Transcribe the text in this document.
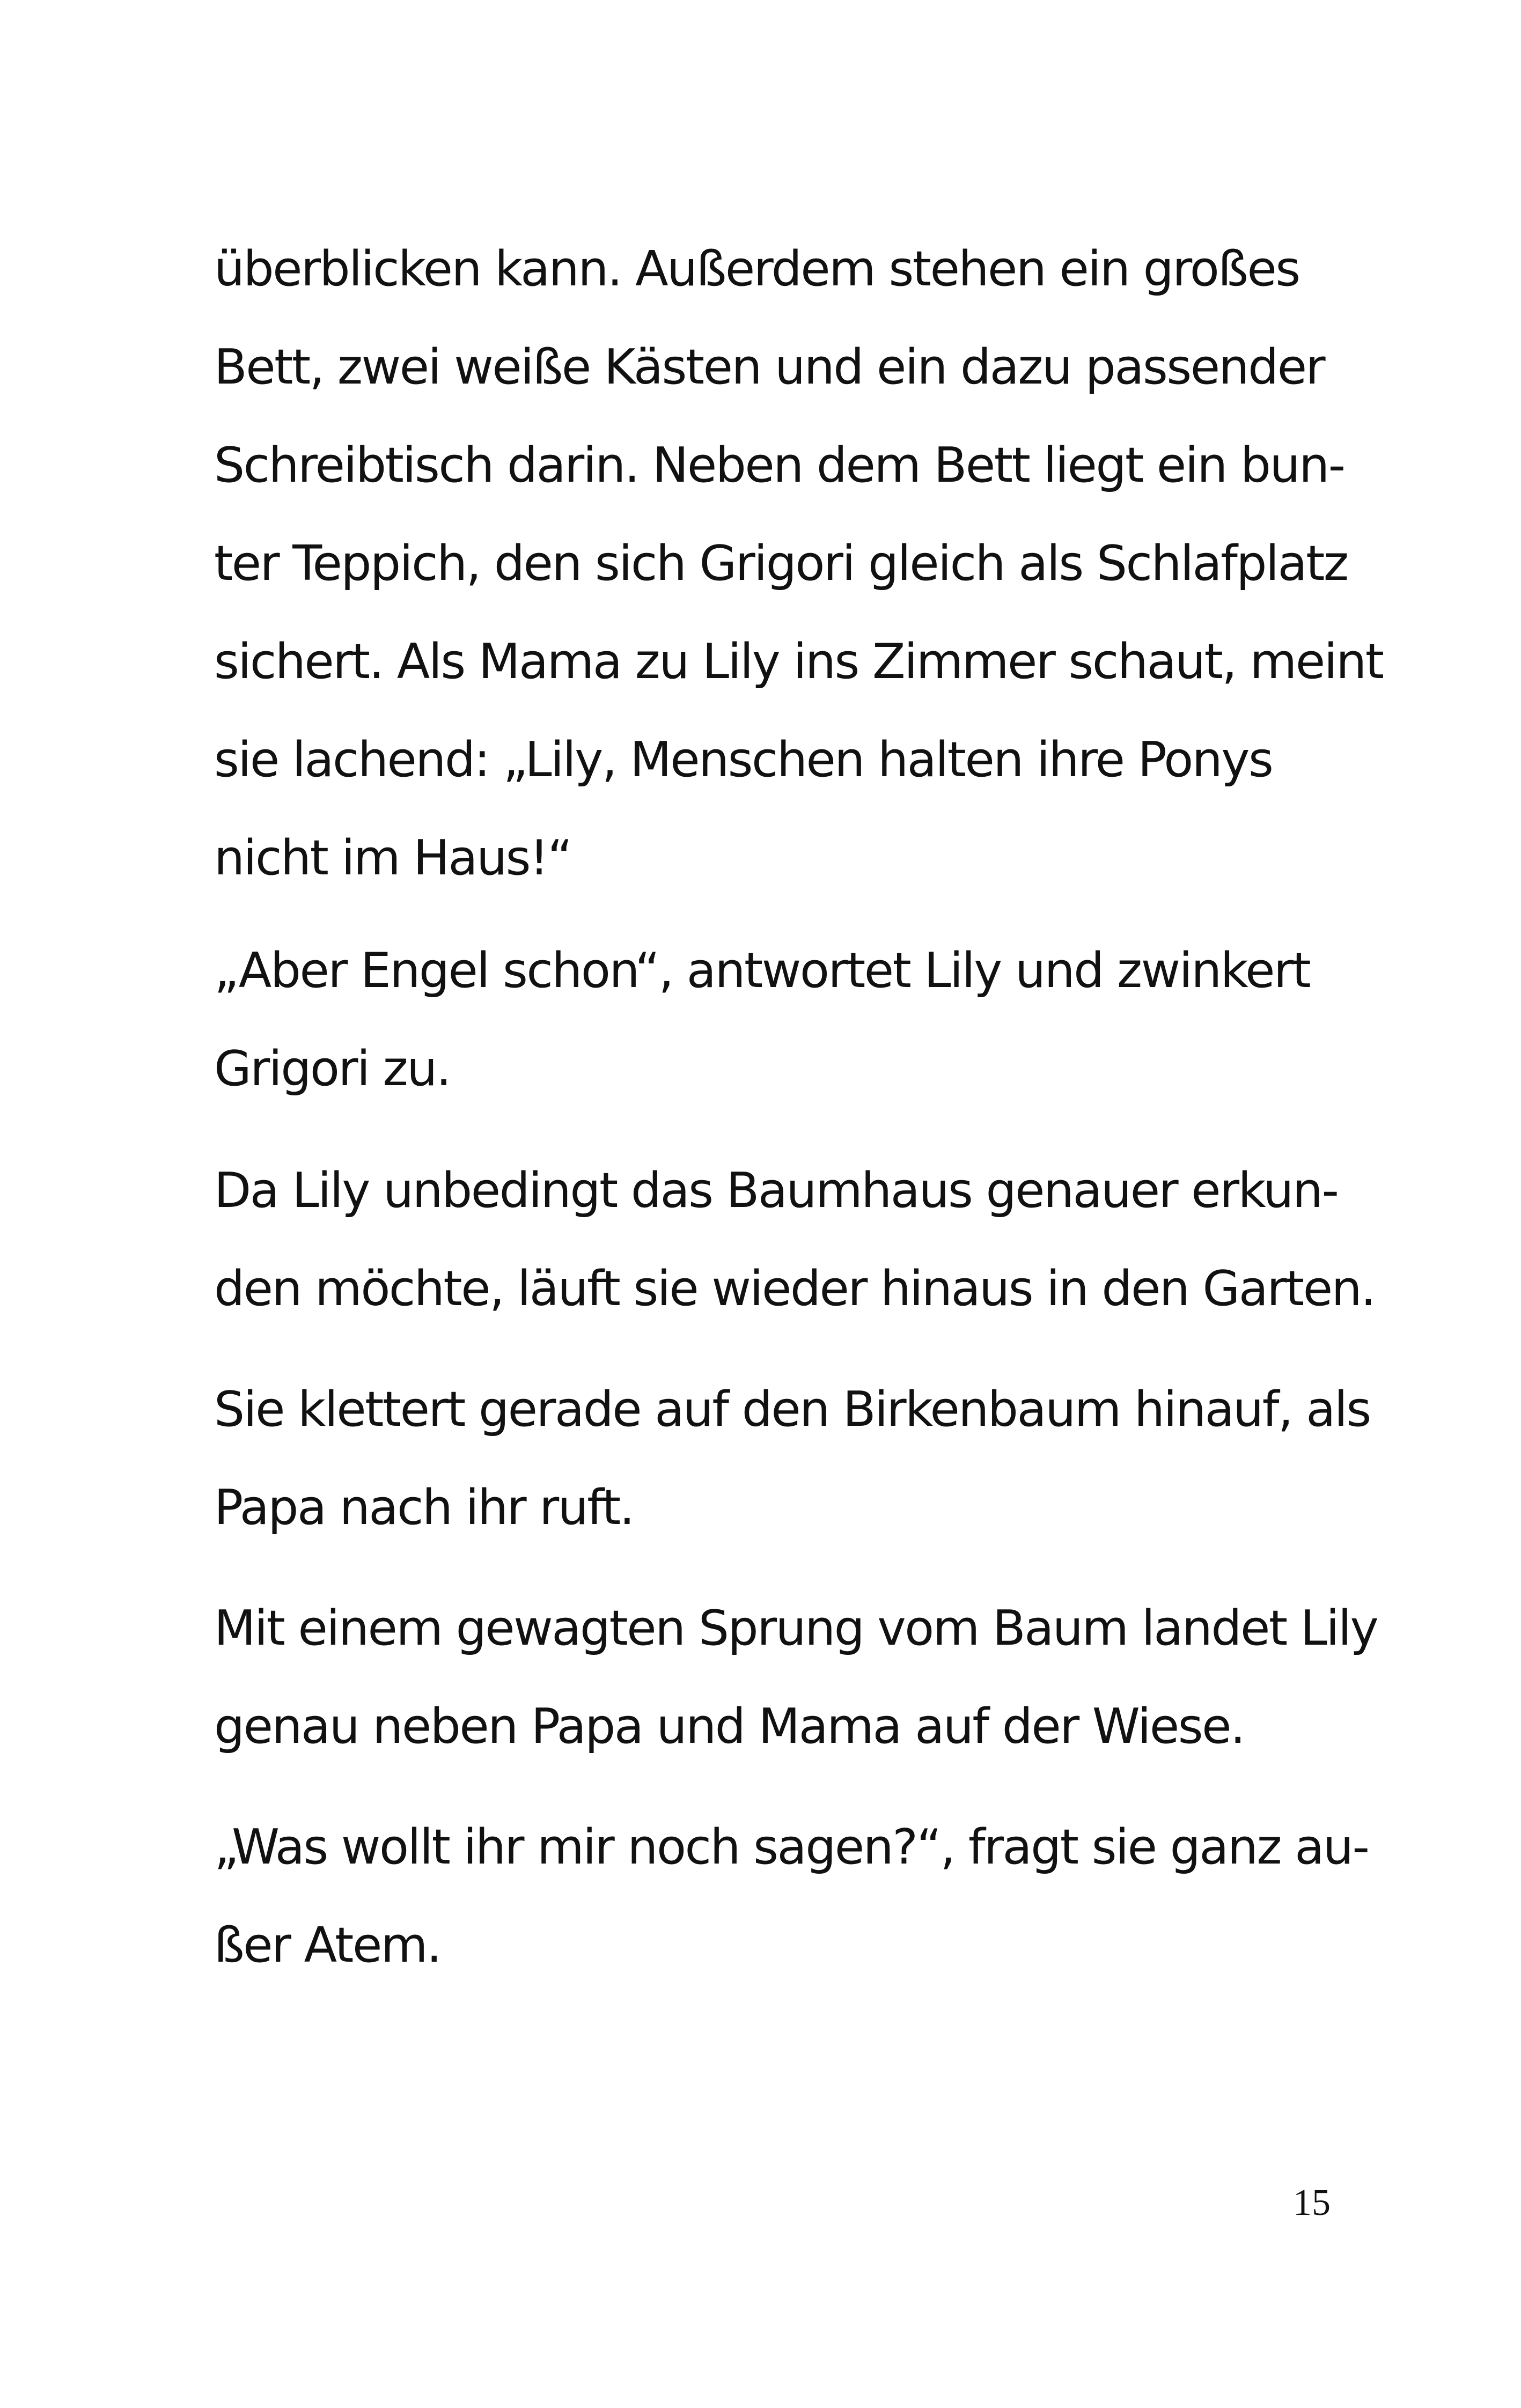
überblicken kann. Außerdem stehen ein großes

Bett, zwei weiße Kästen und ein dazu passender

Schreibtisch darin. Neben dem Bett liegt ein bun-

ter Teppich, den sich Grigori gleich als Schlafplatz

sichert. Als Mama zu Lily ins Zimmer schaut, meint

sie lachend: „Lily, Menschen halten ihre Ponys

nicht im Haus!“

„Aber Engel schon“, antwortet Lily und zwinkert

Grigori zu.

Da Lily unbedingt das Baumhaus genauer erkun-

den möchte, läuft sie wieder hinaus in den Garten.

Sie klettert gerade auf den Birkenbaum hinauf, als

Papa nach ihr ruft.

Mit einem gewagten Sprung vom Baum landet Lily

genau neben Papa und Mama auf der Wiese.

„Was wollt ihr mir noch sagen?“, fragt sie ganz au-

ßer Atem.

15
